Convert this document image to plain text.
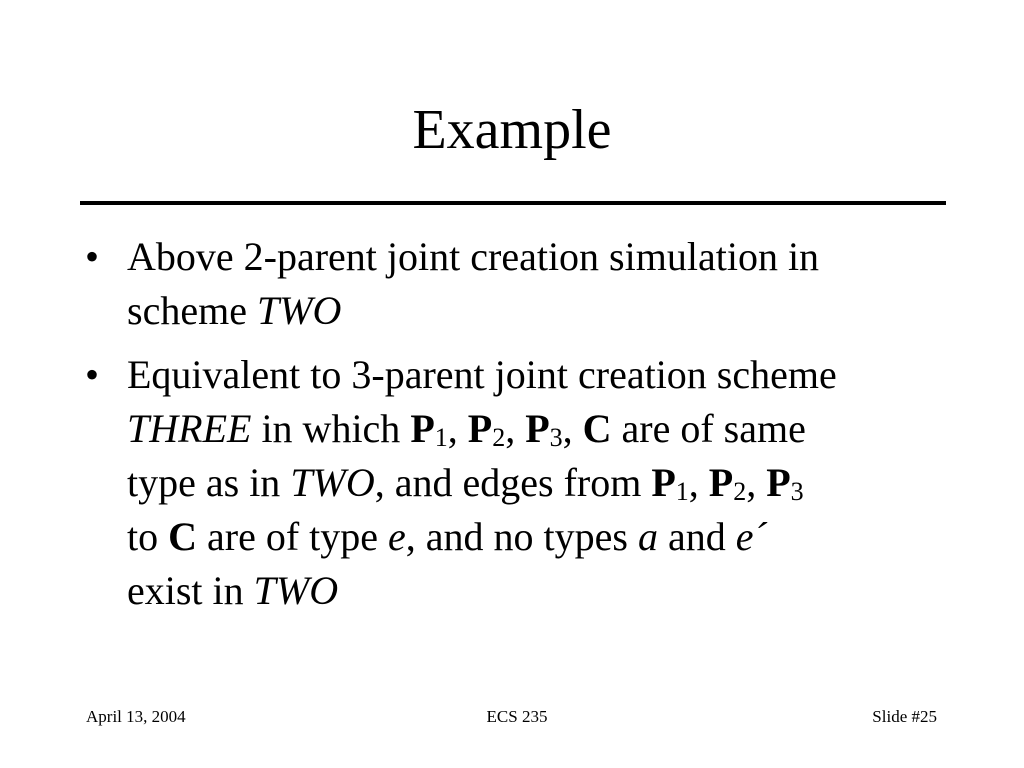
Example
• Above 2-parent joint creation simulation in
scheme TWO
• Equivalent to 3-parent joint creation scheme
THREE in which $P_1$, $P_2$, $P_3$, C are of same
type as in TWO, and edges from $P_1$, $P_2$, $P_3$
to C are of type e, and no types a and e´
exist in TWO
April 13, 2004	ECS 235	Slide #25
